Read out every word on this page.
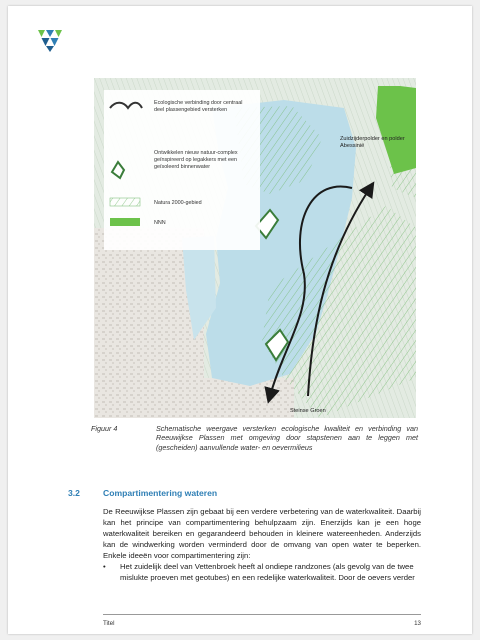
Ecologische verbinding door centraal deel plassengebied versterken
Ontwikkelen nieuw natuur-complex geïnspireerd op legakkers met een geïsoleerd binnenwater
Natura 2000-gebied
NNN
Zuidzijderpolder en polder Abessinië
Steinse Groen
Figuur 4	Schematische weergave versterken ecologische kwaliteit en verbinding van Reeuwijkse Plassen met omgeving door stapstenen aan te leggen met (gescheiden) aanvullende water- en oevermilieus
3.2	Compartimentering wateren
De Reeuwijkse Plassen zijn gebaat bij een verdere verbetering van de waterkwaliteit. Daarbij kan het principe van compartimentering behulpzaam zijn. Enerzijds kan je een hoge waterkwaliteit bereiken en gegarandeerd behouden in kleinere watereenheden. Anderzijds kan de windwerking worden verminderd door de omvang van open water te beperken. Enkele ideeën voor compartimentering zijn:
• Het zuidelijk deel van Vettenbroek heeft al ondiepe randzones (als gevolg van de twee mislukte proeven met geotubes) en een redelijke waterkwaliteit. Door de oevers verder
Titel	13
